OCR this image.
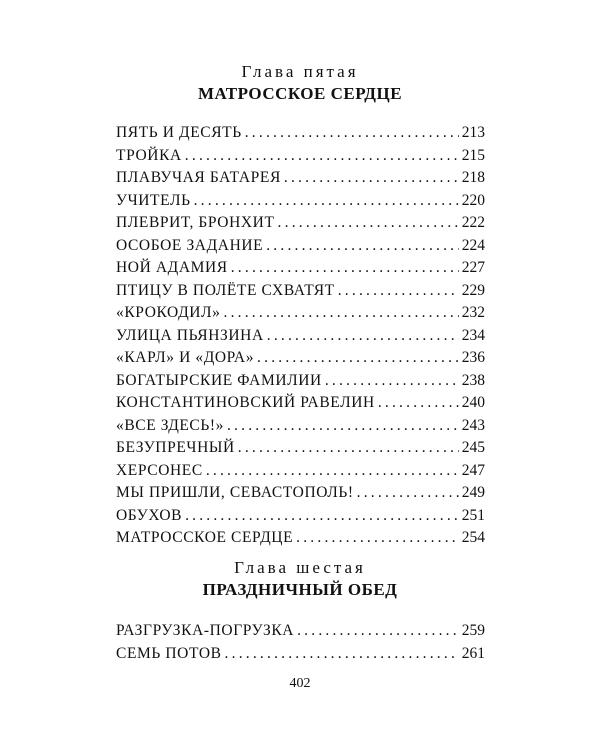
Глава пятая
МАТРОССКОЕ СЕРДЦЕ
ПЯТЬ И ДЕСЯТЬ .....	213
ТРОЙКА .....	215
ПЛАВУЧАЯ БАТАРЕЯ .....	218
УЧИТЕЛЬ .....	220
ПЛЕВРИТ, БРОНХИТ .....	222
ОСОБОЕ ЗАДАНИЕ .....	224
НОЙ АДАМИЯ .....	227
ПТИЦУ В ПОЛЁТЕ СХВАТЯТ .....	229
«КРОКОДИЛ» .....	232
УЛИЦА ПЬЯНЗИНА .....	234
«КАРЛ» И «ДОРА» .....	236
БОГАТЫРСКИЕ ФАМИЛИИ .....	238
КОНСТАНТИНОВСКИЙ РАВЕЛИН .....	240
«ВСЕ ЗДЕСЬ!» .....	243
БЕЗУПРЕЧНЫЙ .....	245
ХЕРСОНЕС .....	247
МЫ ПРИШЛИ, СЕВАСТОПОЛЬ! .....	249
ОБУХОВ .....	251
МАТРОССКОЕ СЕРДЦЕ .....	254
Глава шестая
ПРАЗДНИЧНЫЙ ОБЕД
РАЗГРУЗКА-ПОГРУЗКА .....	259
СЕМЬ ПОТОВ .....	261
402
